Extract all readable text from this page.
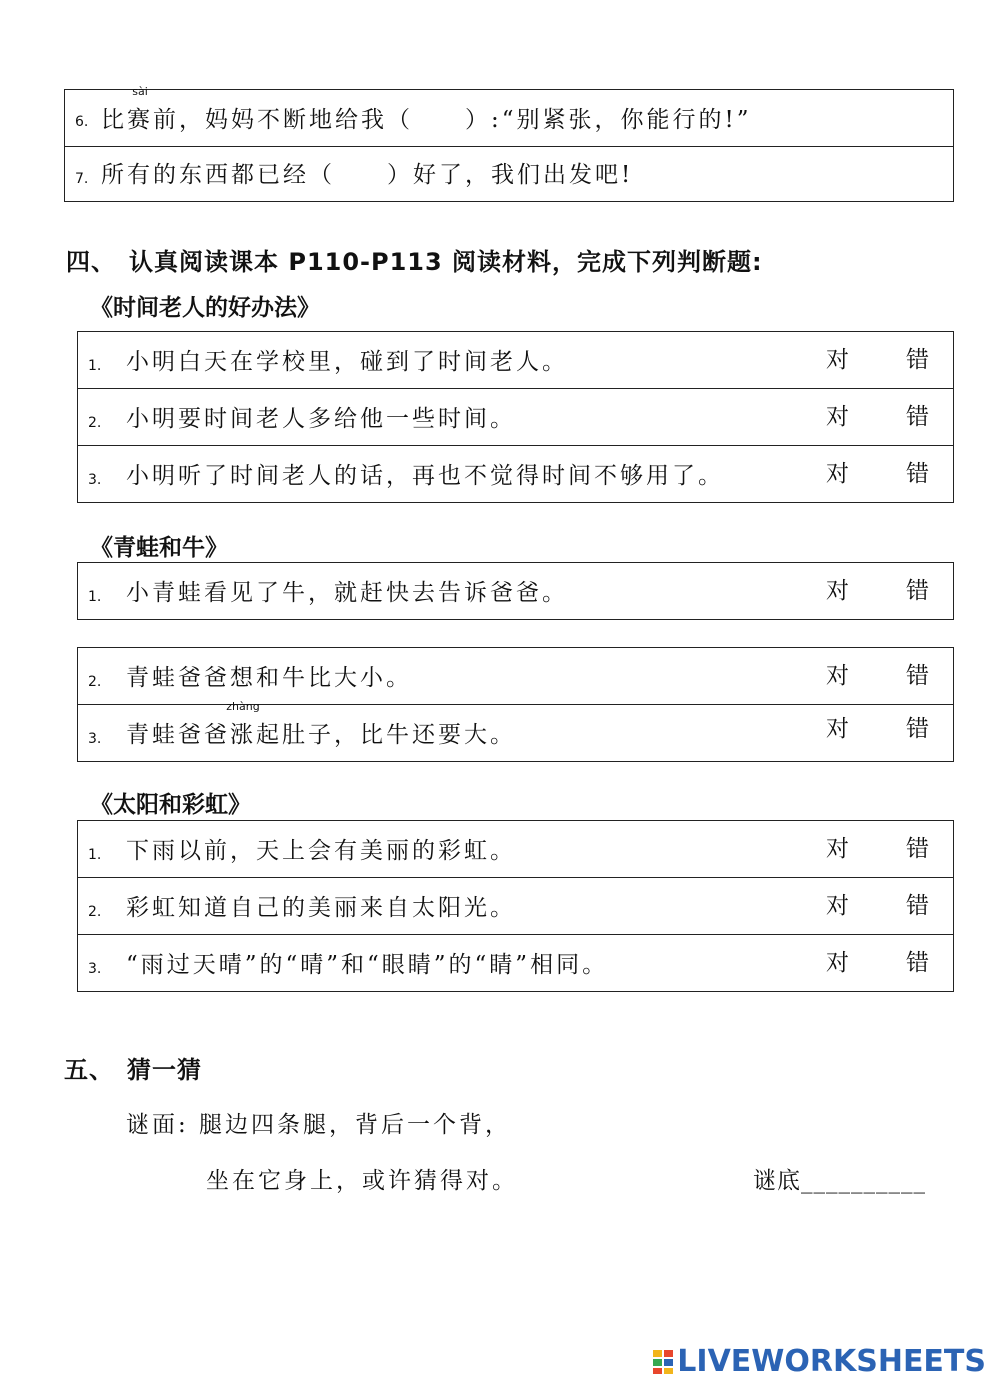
6. 比
sài
赛前，妈妈不断地给我（　　）:“别紧张，你能行的!”

7. 所有的东西都已经（　　）好了，我们出发吧!
四、　认真阅读课本 P110-P113 阅读材料，完成下列判断题:
《时间老人的好办法》
1. 小明白天在学校里，碰到了时间老人。	对 错

2. 小明要时间老人多给他一些时间。	对 错

3. 小明听了时间老人的话，再也不觉得时间不够用了。	对 错
《青蛙和牛》
1. 小青蛙看见了牛，就赶快去告诉爸爸。	对 错
2. 青蛙爸爸想和牛比大小。	对 错

3. 青蛙爸爸
zhàng
涨起肚子，比牛还要大。	对 错
《太阳和彩虹》
1. 下雨以前，天上会有美丽的彩虹。	对 错

2. 彩虹知道自己的美丽来自太阳光。	对 错

3. “雨过天晴”的“晴”和“眼睛”的“睛”相同。	对 错
五、　猜一猜
谜面: 腿边四条腿，背后一个背，
坐在它身上，或许猜得对。	谜底__________
LIVEWORKSHEETS
